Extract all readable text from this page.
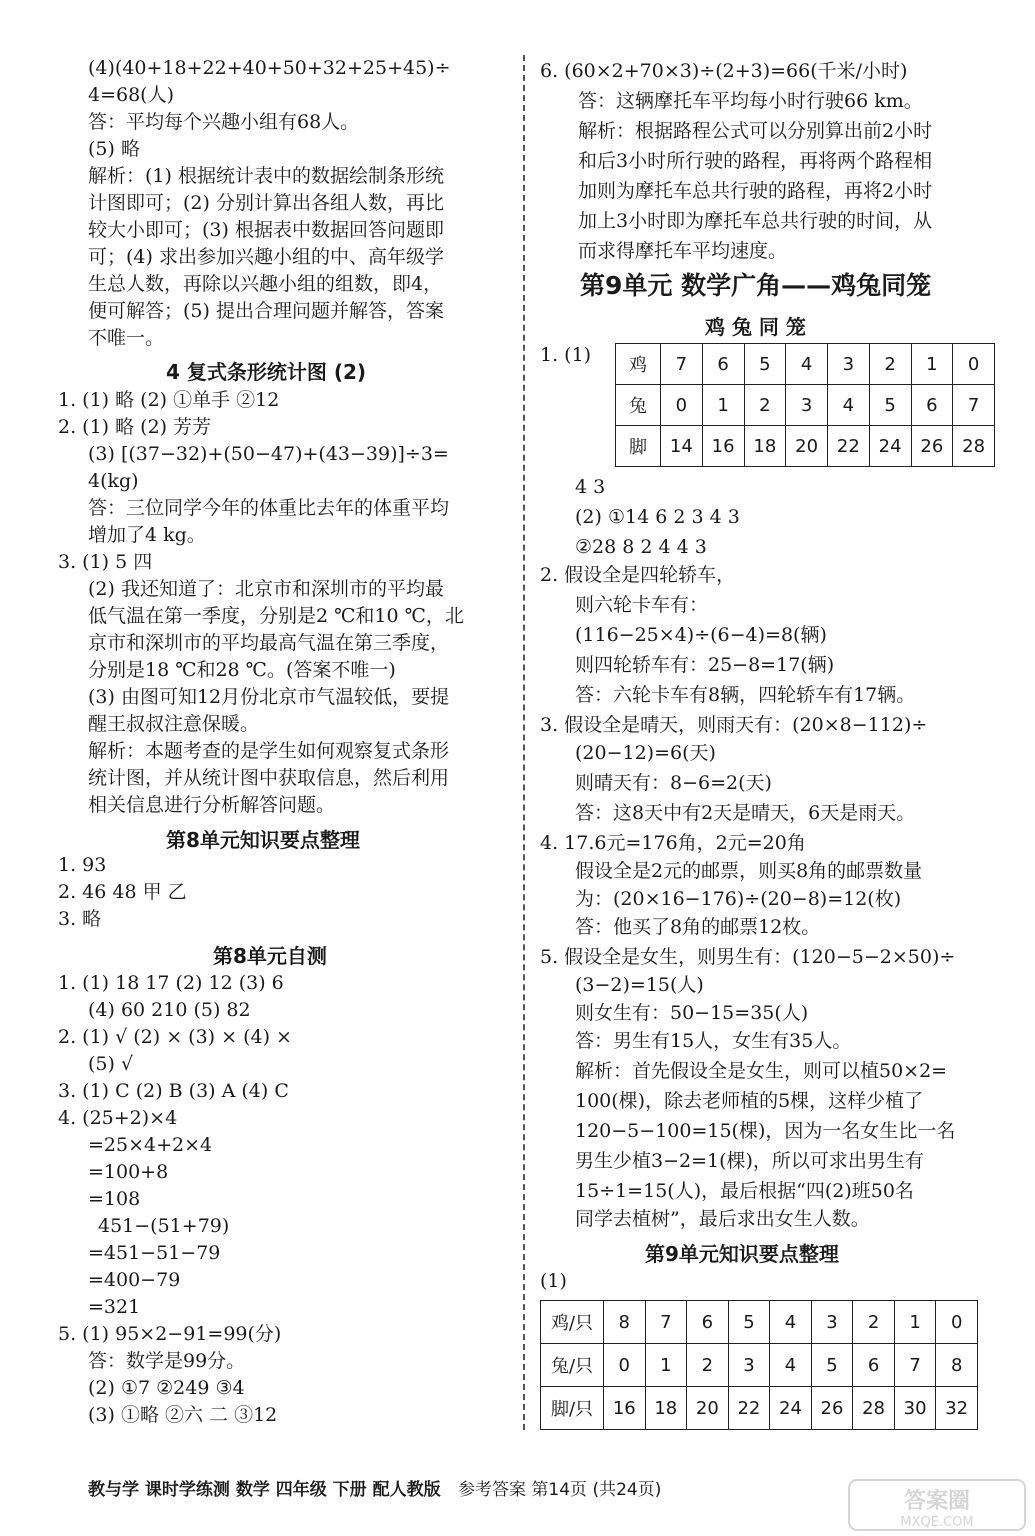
(4)(40+18+22+40+50+32+25+45)÷
4=68(人)
答：平均每个兴趣小组有68人。
(5) 略
解析：(1) 根据统计表中的数据绘制条形统
计图即可；(2) 分别计算出各组人数，再比
较大小即可；(3) 根据表中数据回答问题即
可；(4) 求出参加兴趣小组的中、高年级学
生总人数，再除以兴趣小组的组数，即4，
便可解答；(5) 提出合理问题并解答，答案
不唯一。
4 复式条形统计图 (2)
1. (1) 略 (2) ①单手 ②12
2. (1) 略 (2) 芳芳
(3) [(37−32)+(50−47)+(43−39)]÷3=
4(kg)
答：三位同学今年的体重比去年的体重平均
增加了4 kg。
3. (1) 5 四
(2) 我还知道了：北京市和深圳市的平均最
低气温在第一季度，分别是2 ℃和10 ℃，北
京市和深圳市的平均最高气温在第三季度，
分别是18 ℃和28 ℃。(答案不唯一)
(3) 由图可知12月份北京市气温较低，要提
醒王叔叔注意保暖。
解析：本题考查的是学生如何观察复式条形
统计图，并从统计图中获取信息，然后利用
相关信息进行分析解答问题。
第8单元知识要点整理
1. 93
2. 46 48 甲 乙
3. 略
第8单元自测
1. (1) 18 17 (2) 12 (3) 6
(4) 60 210 (5) 82
2. (1) √ (2) × (3) × (4) ×
(5) √
3. (1) C (2) B (3) A (4) C
4. (25+2)×4
=25×4+2×4
=100+8
=108
451−(51+79)
=451−51−79
=400−79
=321
5. (1) 95×2−91=99(分)
答：数学是99分。
(2) ①7 ②249 ③4
(3) ①略 ②六 二 ③12
6. (60×2+70×3)÷(2+3)=66(千米/小时)
答：这辆摩托车平均每小时行驶66 km。
解析：根据路程公式可以分别算出前2小时
和后3小时所行驶的路程，再将两个路程相
加则为摩托车总共行驶的路程，再将2小时
加上3小时即为摩托车总共行驶的时间，从
而求得摩托车平均速度。
第9单元 数学广角——鸡兔同笼
鸡 兔 同 笼
1. (1) 鸡	7	6	5	4	3	2	1	0
兔	0	1	2	3	4	5	6	7
脚	14	16	18	20	22	24	26	28
4 3
(2) ①14 6 2 3 4 3
②28 8 2 4 4 3
2. 假设全是四轮轿车，
则六轮卡车有：
(116−25×4)÷(6−4)=8(辆)
则四轮轿车有：25−8=17(辆)
答：六轮卡车有8辆，四轮轿车有17辆。
3. 假设全是晴天，则雨天有：(20×8−112)÷
(20−12)=6(天)
则晴天有：8−6=2(天)
答：这8天中有2天是晴天，6天是雨天。
4. 17.6元=176角，2元=20角
假设全是2元的邮票，则买8角的邮票数量
为：(20×16−176)÷(20−8)=12(枚)
答：他买了8角的邮票12枚。
5. 假设全是女生，则男生有：(120−5−2×50)÷
(3−2)=15(人)
则女生有：50−15=35(人)
答：男生有15人，女生有35人。
解析：首先假设全是女生，则可以植50×2=
100(棵)，除去老师植的5棵，这样少植了
120−5−100=15(棵)，因为一名女生比一名
男生少植3−2=1(棵)，所以可求出男生有
15÷1=15(人)，最后根据“四(2)班50名
同学去植树”，最后求出女生人数。
第9单元知识要点整理
(1)
鸡/只	8	7	6	5	4	3	2	1	0
兔/只	0	1	2	3	4	5	6	7	8
脚/只	16	18	20	22	24	26	28	30	32
教与学 课时学练测 数学 四年级 下册 配人教版 参考答案 第14页 (共24页)	答案圈
MXQE.COM
